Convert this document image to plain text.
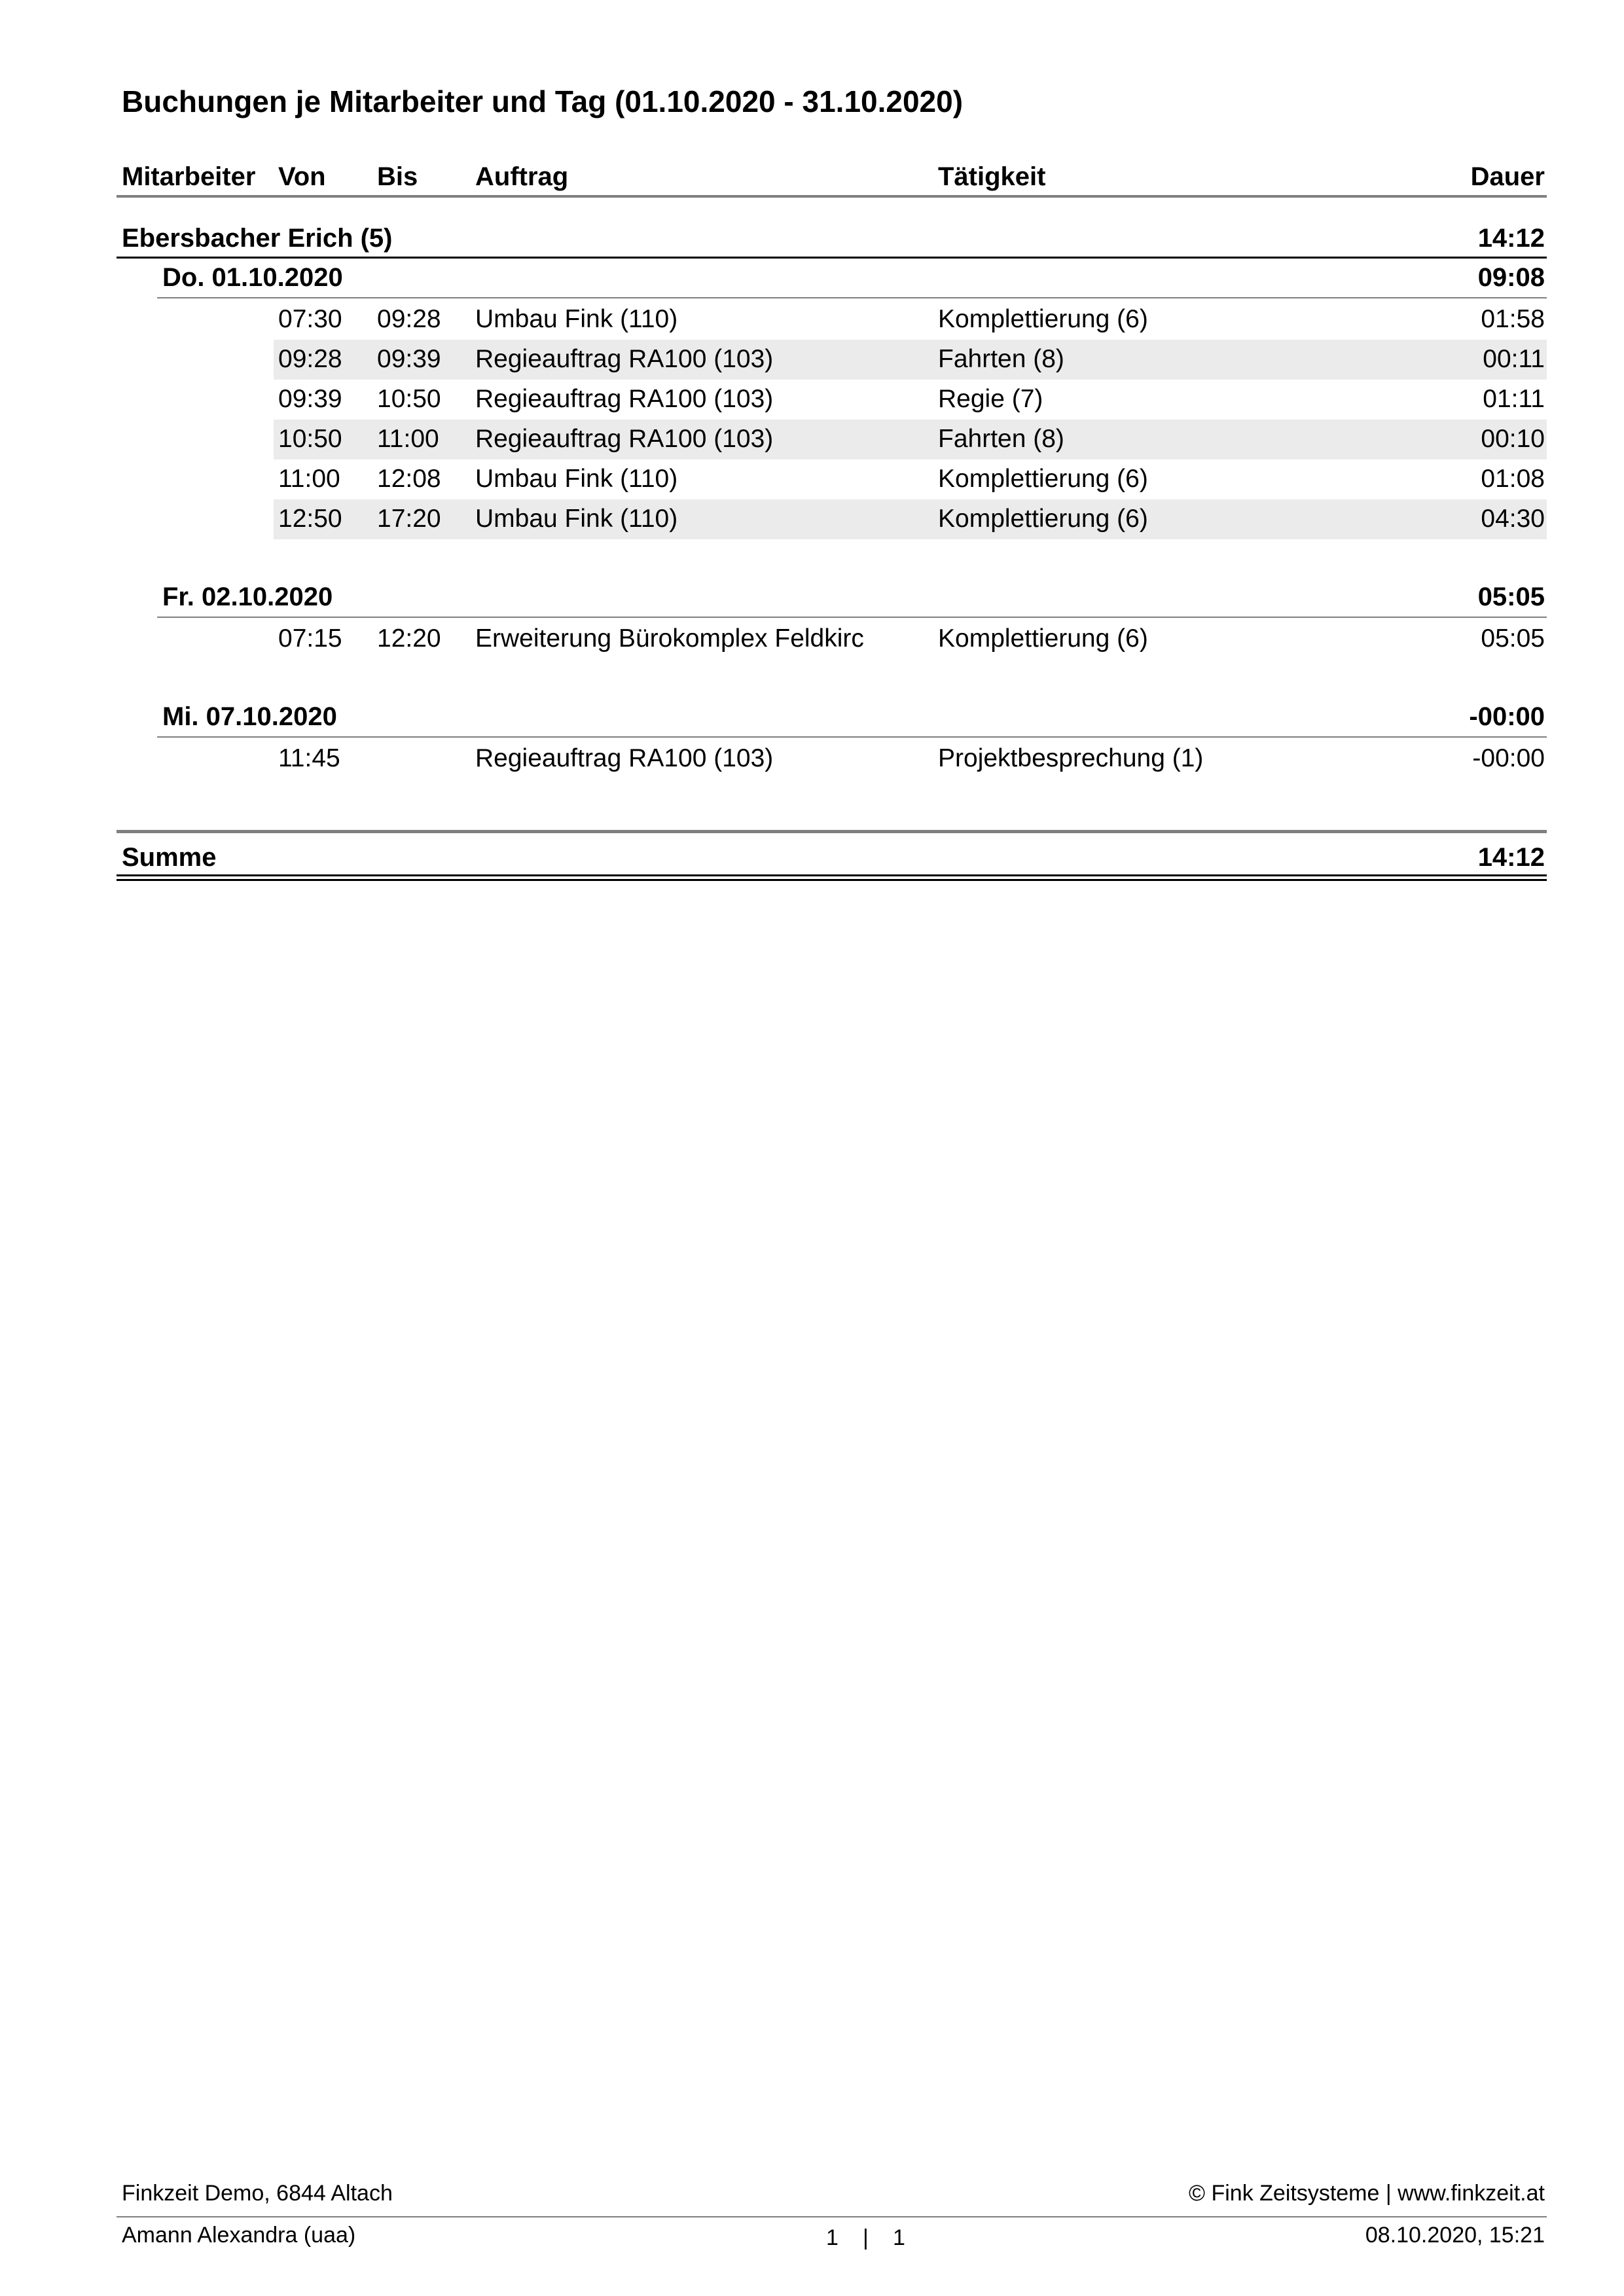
Buchungen je Mitarbeiter und Tag (01.10.2020 - 31.10.2020)
Mitarbeiter Von Bis Auftrag	Tätigkeit	Dauer
Ebersbacher Erich (5)	14:12
Do. 01.10.2020	09:08
07:30 09:28 Umbau Fink (110)	Komplettierung (6)	01:58
09:28 09:39 Regieauftrag RA100 (103)	Fahrten (8)	00:11
09:39 10:50 Regieauftrag RA100 (103)	Regie (7)	01:11
10:50 11:00 Regieauftrag RA100 (103)	Fahrten (8)	00:10
11:00 12:08 Umbau Fink (110)	Komplettierung (6)	01:08
12:50 17:20 Umbau Fink (110)	Komplettierung (6)	04:30
Fr. 02.10.2020	05:05
07:15 12:20 Erweiterung Bürokomplex Feldkirc	Komplettierung (6)	05:05
Mi. 07.10.2020	-00:00
11:45	Regieauftrag RA100 (103)	Projektbesprechung (1)	-00:00
Summe	14:12
Finkzeit Demo, 6844 Altach	© Fink Zeitsysteme | www.finkzeit.at
Amann Alexandra (uaa)	1 | 1	08.10.2020, 15:21
